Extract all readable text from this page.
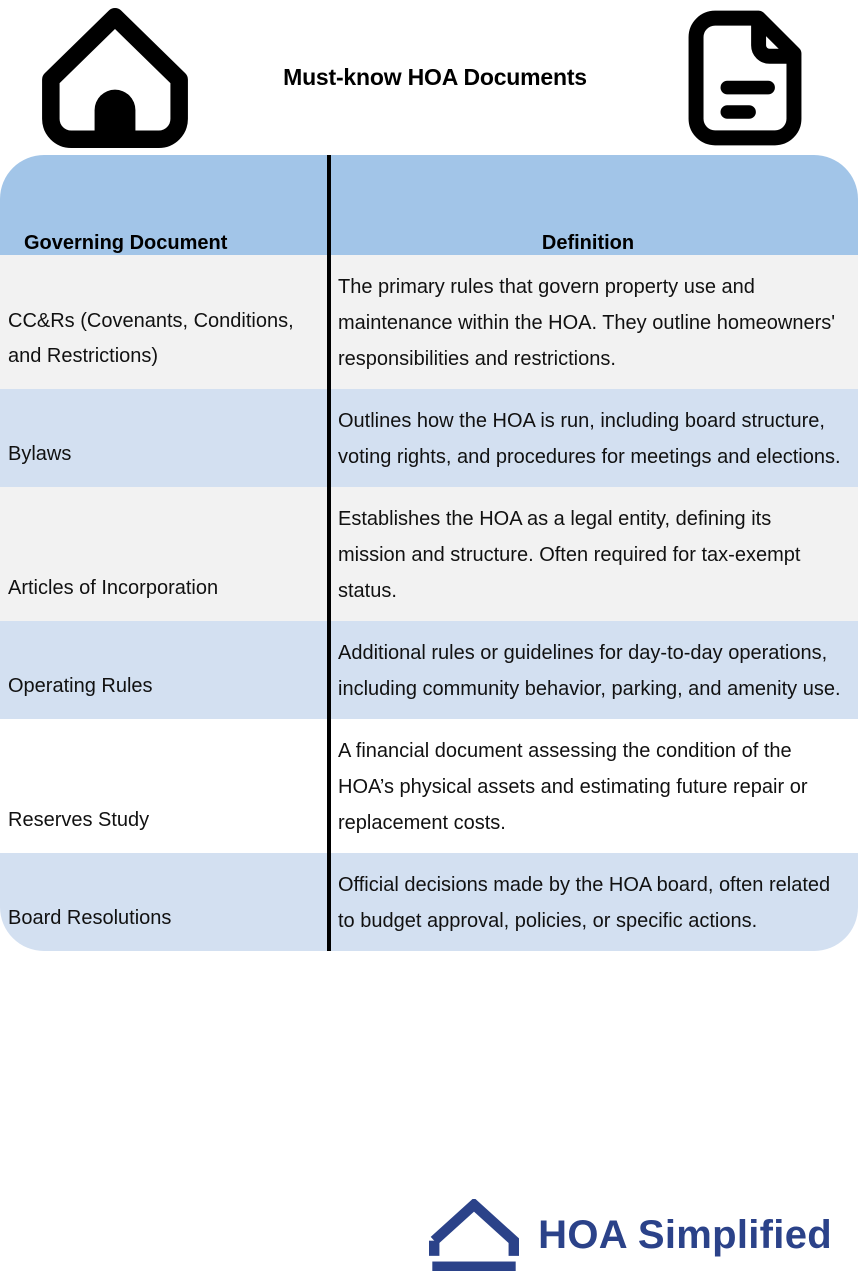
Must-know HOA Documents
Governing Document	Definition
CC&Rs (Covenants, Conditions, and Restrictions)	The primary rules that govern property use and maintenance within the HOA. They outline homeowners' responsibilities and restrictions.
Bylaws	Outlines how the HOA is run, including board structure, voting rights, and procedures for meetings and elections.
Articles of Incorporation	Establishes the HOA as a legal entity, defining its mission and structure. Often required for tax-exempt status.
Operating Rules	Additional rules or guidelines for day-to-day operations, including community behavior, parking, and amenity use.
Reserves Study	A financial document assessing the condition of the HOA’s physical assets and estimating future repair or replacement costs.
Board Resolutions	Official decisions made by the HOA board, often related to budget approval, policies, or specific actions.
HOA Simplified
